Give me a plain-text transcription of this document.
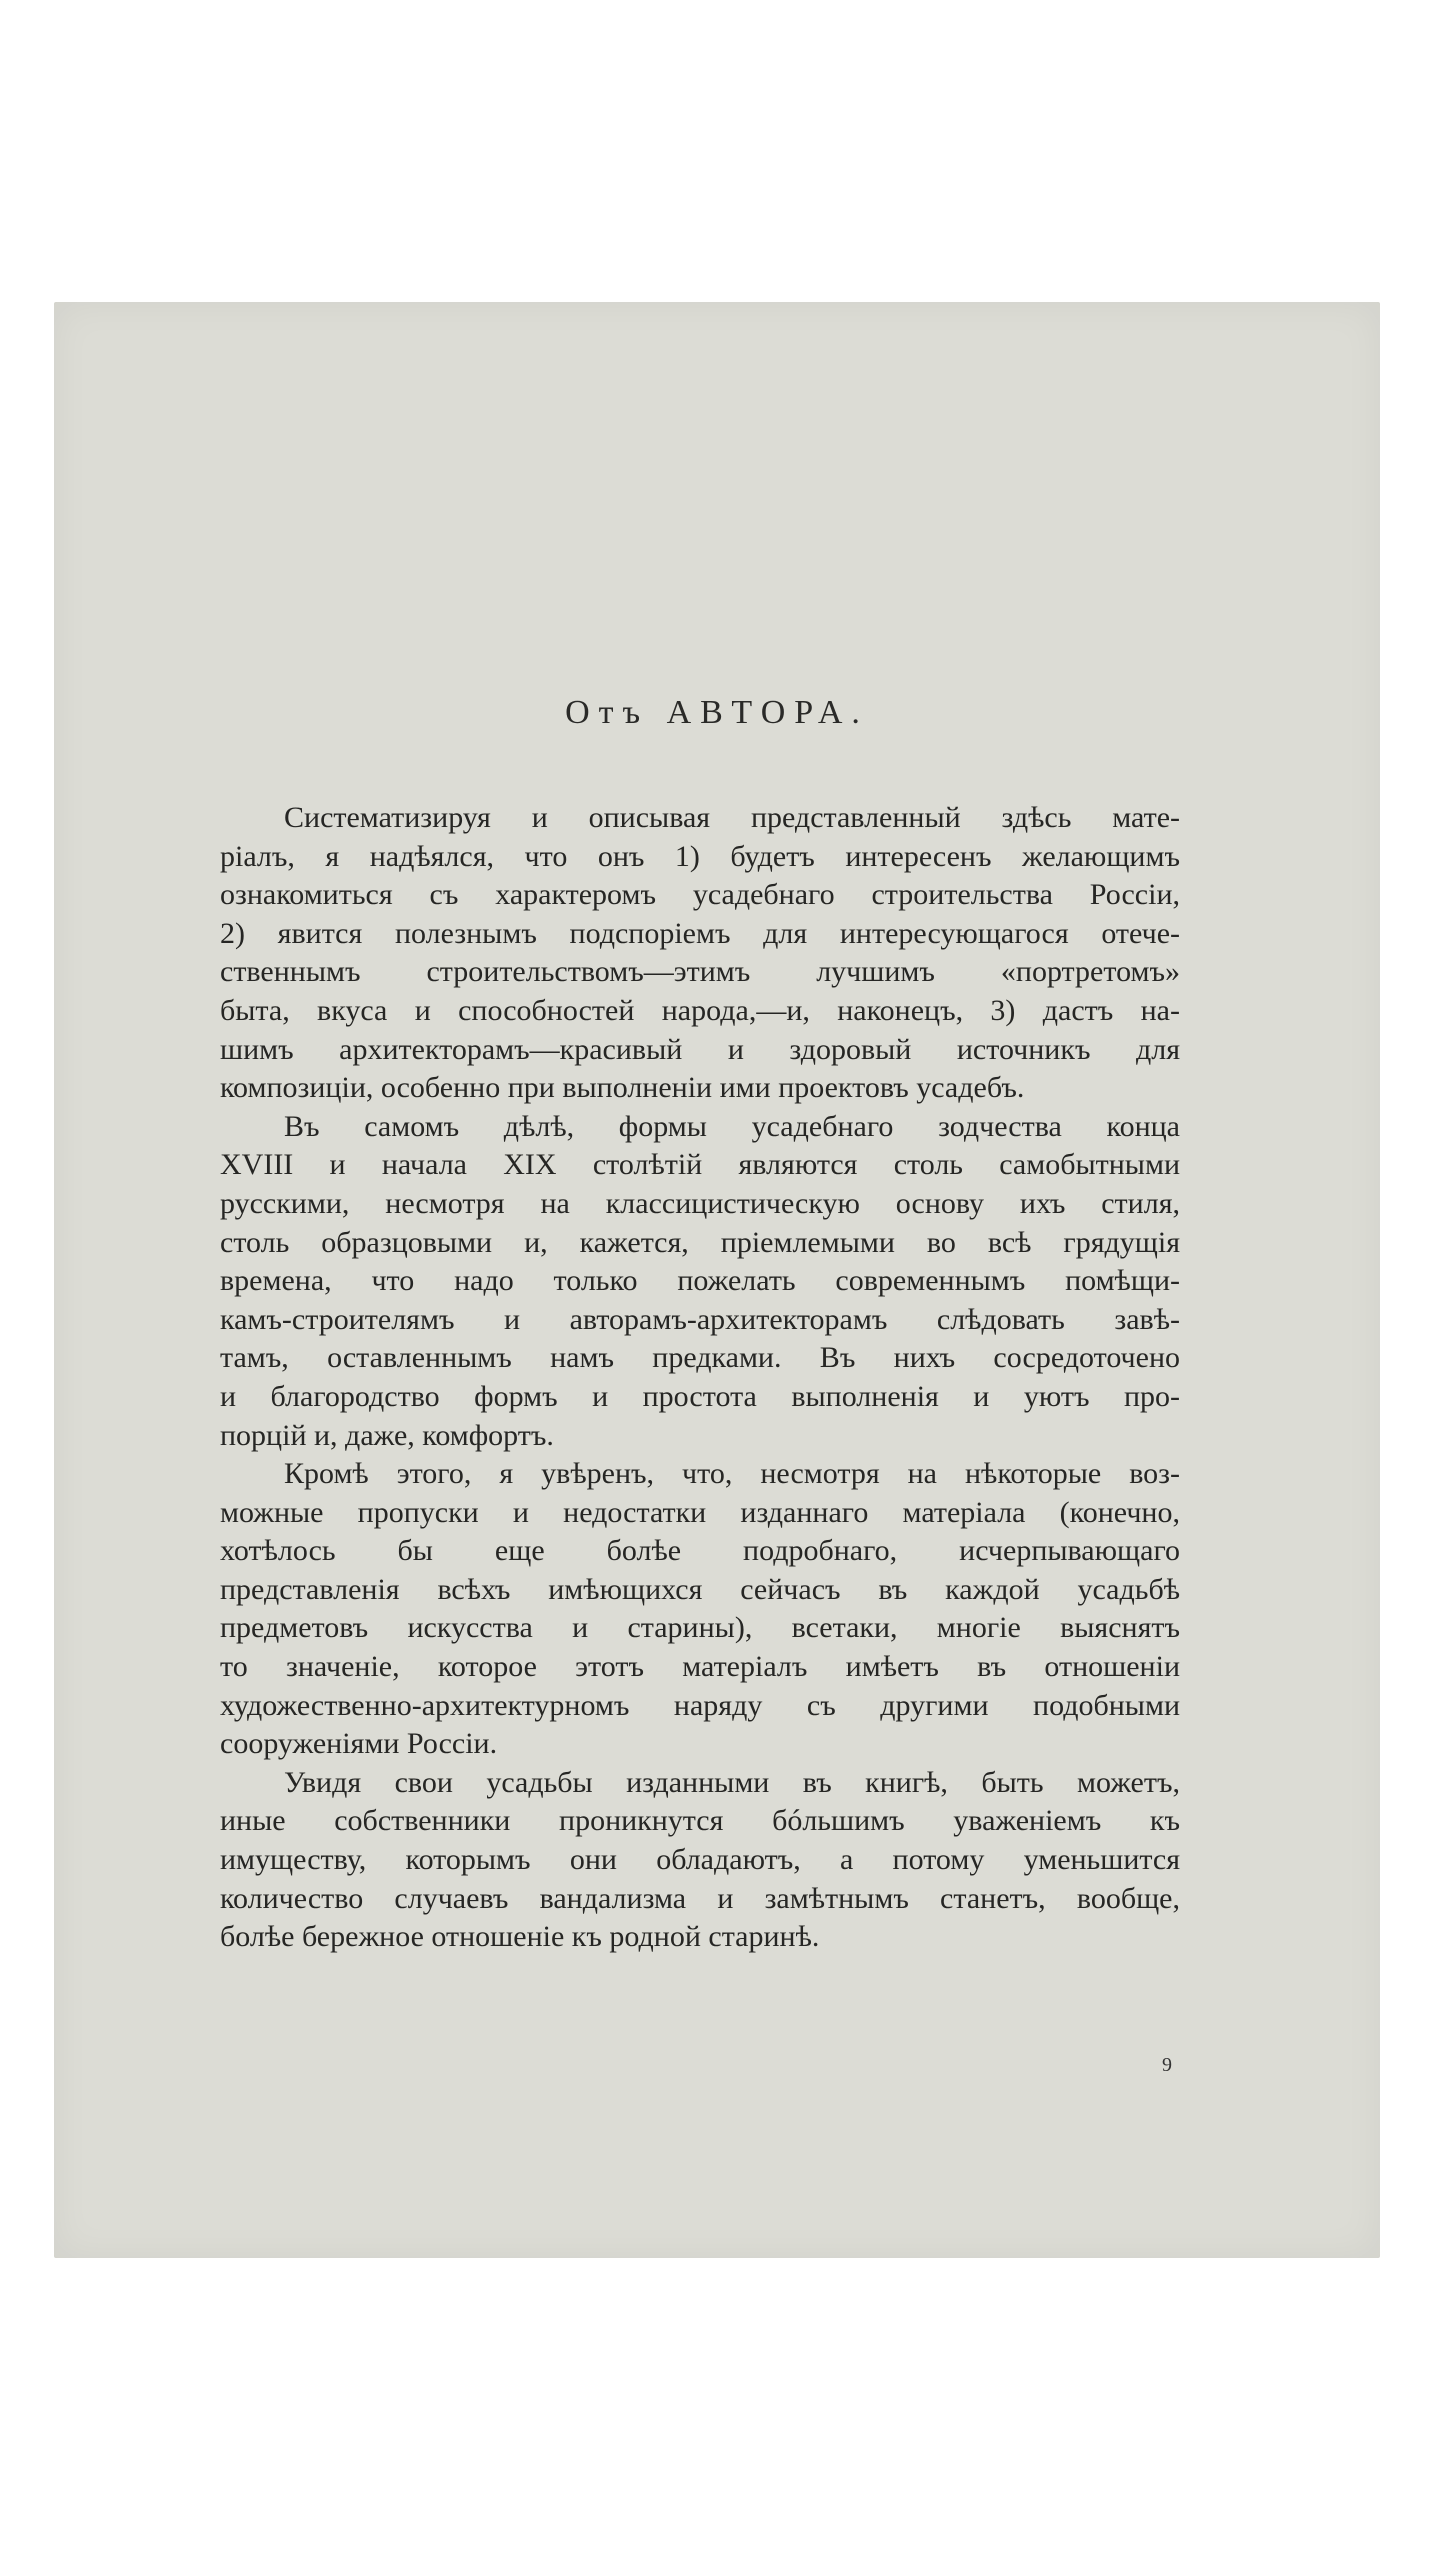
Отъ АВТОРА.
Систематизируя и описывая представленный здѣсь мате-
ріалъ, я надѣялся, что онъ 1) будетъ интересенъ желающимъ
ознакомиться съ характеромъ усадебнаго строительства Россіи,
2) явится полезнымъ подспоріемъ для интересующагося отече-
ственнымъ строительствомъ—этимъ лучшимъ «портретомъ»
быта, вкуса и способностей народа,—и, наконецъ, 3) дастъ на-
шимъ архитекторамъ—красивый и здоровый источникъ для
композиціи, особенно при выполненіи ими проектовъ усадебъ.
Въ самомъ дѣлѣ, формы усадебнаго зодчества конца
XVIII и начала XIX столѣтій являются столь самобытными
русскими, несмотря на классицистическую основу ихъ стиля,
столь образцовыми и, кажется, пріемлемыми во всѣ грядущія
времена, что надо только пожелать современнымъ помѣщи-
камъ-строителямъ и авторамъ-архитекторамъ слѣдовать завѣ-
тамъ, оставленнымъ намъ предками. Въ нихъ сосредоточено
и благородство формъ и простота выполненія и уютъ про-
порцій и, даже, комфортъ.
Кромѣ этого, я увѣренъ, что, несмотря на нѣкоторые воз-
можные пропуски и недостатки изданнаго матеріала (конечно,
хотѣлось бы еще болѣе подробнаго, исчерпывающаго
представленія всѣхъ имѣющихся сейчасъ въ каждой усадьбѣ
предметовъ искусства и старины), всетаки, многіе выяснятъ
то значеніе, которое этотъ матеріалъ имѣетъ въ отношеніи
художественно-архитектурномъ наряду съ другими подобными
сооруженіями Россіи.
Увидя свои усадьбы изданными въ книгѣ, быть можетъ,
иные собственники проникнутся бóльшимъ уваженіемъ къ
имуществу, которымъ они обладаютъ, а потому уменьшится
количество случаевъ вандализма и замѣтнымъ станетъ, вообще,
болѣе бережное отношеніе къ родной старинѣ.
9
